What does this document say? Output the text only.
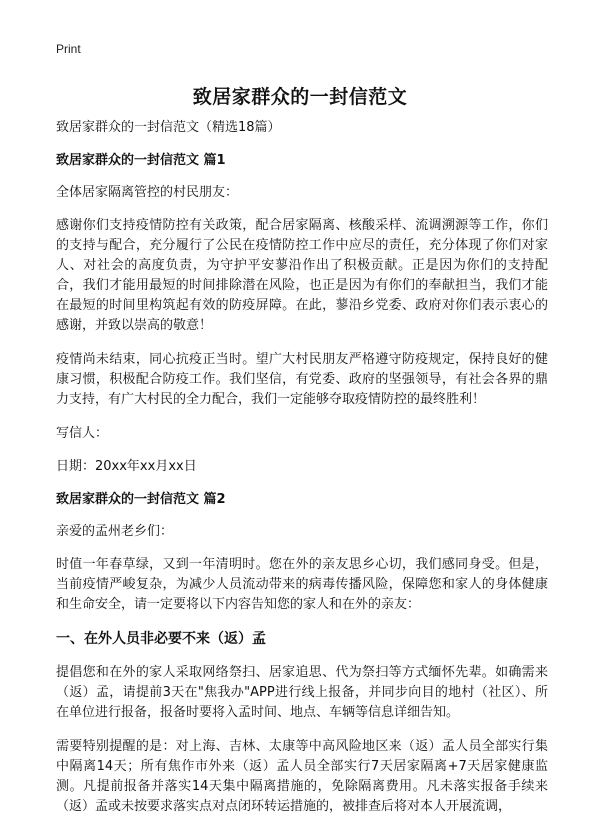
Print
致居家群众的一封信范文
致居家群众的一封信范文（精选18篇）
致居家群众的一封信范文 篇1
全体居家隔离管控的村民朋友：
感谢你们支持疫情防控有关政策，配合居家隔离、核酸采样、流调溯源等工作，你们的支持与配合，充分履行了公民在疫情防控工作中应尽的责任，充分体现了你们对家人、对社会的高度负责，为守护平安蓼沿作出了积极贡献。正是因为你们的支持配合，我们才能用最短的时间排除潜在风险，也正是因为有你们的奉献担当，我们才能在最短的时间里构筑起有效的防疫屏障。在此，蓼沿乡党委、政府对你们表示衷心的感谢，并致以崇高的敬意！
疫情尚未结束，同心抗疫正当时。望广大村民朋友严格遵守防疫规定，保持良好的健康习惯，积极配合防疫工作。我们坚信，有党委、政府的坚强领导，有社会各界的鼎力支持，有广大村民的全力配合，我们一定能够夺取疫情防控的最终胜利！
写信人：
日期：20xx年xx月xx日
致居家群众的一封信范文 篇2
亲爱的孟州老乡们：
时值一年春草绿，又到一年清明时。您在外的亲友思乡心切，我们感同身受。但是，当前疫情严峻复杂，为减少人员流动带来的病毒传播风险，保障您和家人的身体健康和生命安全，请一定要将以下内容告知您的家人和在外的亲友：
一、在外人员非必要不来（返）孟
提倡您和在外的家人采取网络祭扫、居家追思、代为祭扫等方式缅怀先辈。如确需来（返）孟，请提前3天在"焦我办"APP进行线上报备，并同步向目的地村（社区）、所在单位进行报备，报备时要将入孟时间、地点、车辆等信息详细告知。
需要特别提醒的是：对上海、吉林、太康等中高风险地区来（返）孟人员全部实行集中隔离14天；所有焦作市外来（返）孟人员全部实行7天居家隔离+7天居家健康监测。凡提前报备并落实14天集中隔离措施的，免除隔离费用。凡未落实报备手续来（返）孟或未按要求落实点对点闭环转运措施的，被排查后将对本人开展流调，
